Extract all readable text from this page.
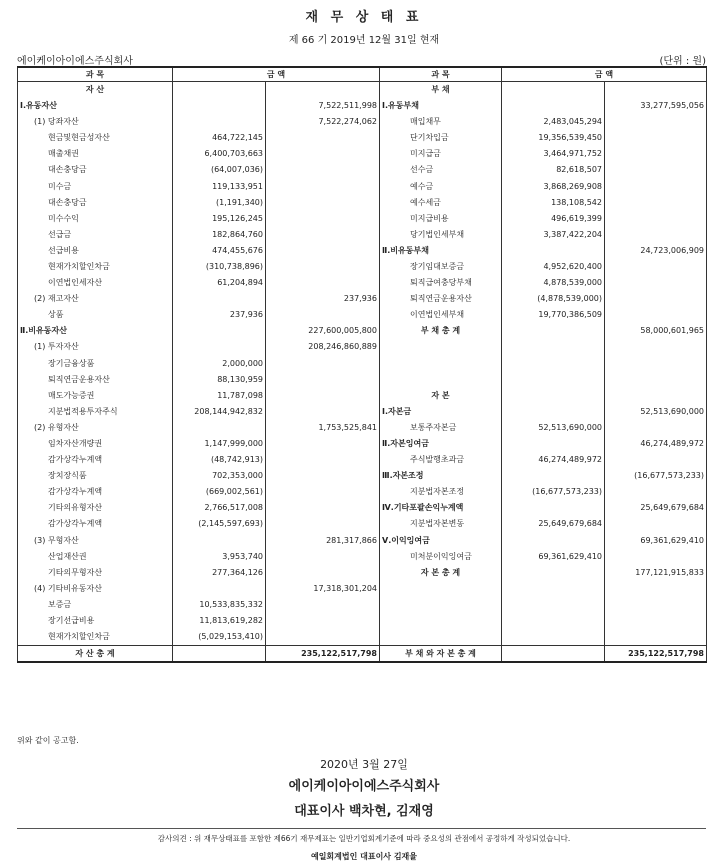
재 무 상 태 표
제 66 기 2019년 12월 31일 현재
에이케이아이에스주식회사	(단위 : 원)
과 목	금 액		과 목	금 액	
자 산			부 채		
Ⅰ.유동자산		7,522,511,998	Ⅰ.유동부채		33,277,595,056
(1) 당좌자산		7,522,274,062	매입채무	2,483,045,294	
현금및현금성자산	464,722,145		단기차입금	19,356,539,450	
매출채권	6,400,703,663		미지급금	3,464,971,752	
대손충당금	(64,007,036)		선수금	82,618,507	
미수금	119,133,951		예수금	3,868,269,908	
대손충당금	(1,191,340)		예수세금	138,108,542	
미수수익	195,126,245		미지급비용	496,619,399	
선급금	182,864,760		당기법인세부채	3,387,422,204	
선급비용	474,455,676		Ⅱ.비유동부채		24,723,006,909
현재가치할인차금	(310,738,896)		장기임대보증금	4,952,620,400	
이연법인세자산	61,204,894		퇴직급여충당부채	4,878,539,000	
(2) 재고자산		237,936	퇴직연금운용자산	(4,878,539,000)	
상품	237,936		이연법인세부채	19,770,386,509	
Ⅱ.비유동자산		227,600,005,800	부 채 총 계		58,000,601,965
(1) 투자자산		208,246,860,889			
장기금융상품	2,000,000				
퇴직연금운용자산	88,130,959				
매도가능증권	11,787,098		자 본		
지분법적용투자주식	208,144,942,832		Ⅰ.자본금		52,513,690,000
(2) 유형자산		1,753,525,841	보통주자본금	52,513,690,000	
임차자산개량권	1,147,999,000		Ⅱ.자본잉여금		46,274,489,972
감가상각누계액	(48,742,913)		주식발행초과금	46,274,489,972	
장치장식품	702,353,000		Ⅲ.자본조정		(16,677,573,233)
감가상각누계액	(669,002,561)		지분법자본조정	(16,677,573,233)	
기타의유형자산	2,766,517,008		Ⅳ.기타포괄손익누계액		25,649,679,684
감가상각누계액	(2,145,597,693)		지분법자본변동	25,649,679,684	
(3) 무형자산		281,317,866	Ⅴ.이익잉여금		69,361,629,410
산업재산권	3,953,740		미처분이익잉여금	69,361,629,410	
기타의무형자산	277,364,126		자 본 총 계		177,121,915,833
(4) 기타비유동자산		17,318,301,204			
보증금	10,533,835,332				
장기선급비용	11,813,619,282				
현재가치할인차금	(5,029,153,410)				
자 산 총 계		235,122,517,798	부 채 와 자 본 총 계		235,122,517,798
위와 같이 공고함.
2020년 3월 27일
에이케이아이에스주식회사
대표이사 백차현, 김재영
감사의견 : 위 재무상태표를 포함한 제66기 재무제표는 일반기업회계기준에 따라 중요성의 관점에서 공정하게 작성되었습니다.
예일회계법인 대표이사 김재율
